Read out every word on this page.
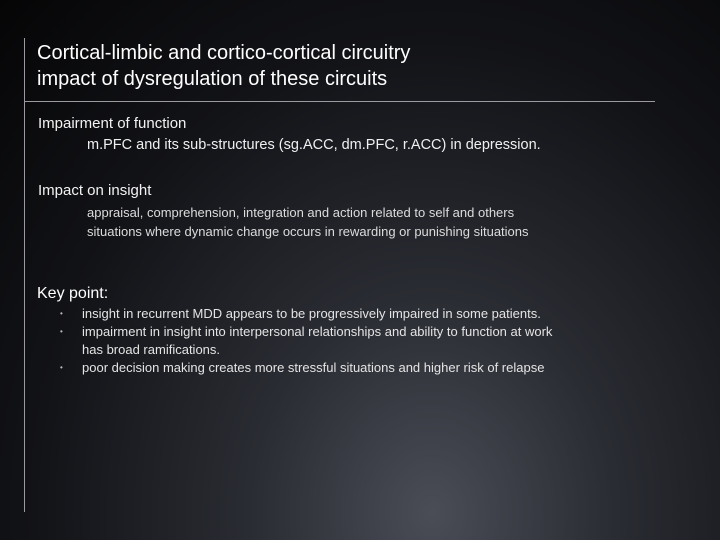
Cortical-limbic and cortico-cortical circuitry
impact of dysregulation of these circuits
Impairment of function
m.PFC and its sub-structures (sg.ACC, dm.PFC, r.ACC) in depression.
Impact on insight
appraisal, comprehension, integration and action related to self and others
situations where dynamic change occurs in rewarding or punishing situations
Key point:
• insight in recurrent MDD appears to be progressively impaired in some patients.
• impairment in insight into interpersonal relationships and ability to function at work
has broad ramifications.
• poor decision making creates more stressful situations and higher risk of relapse
